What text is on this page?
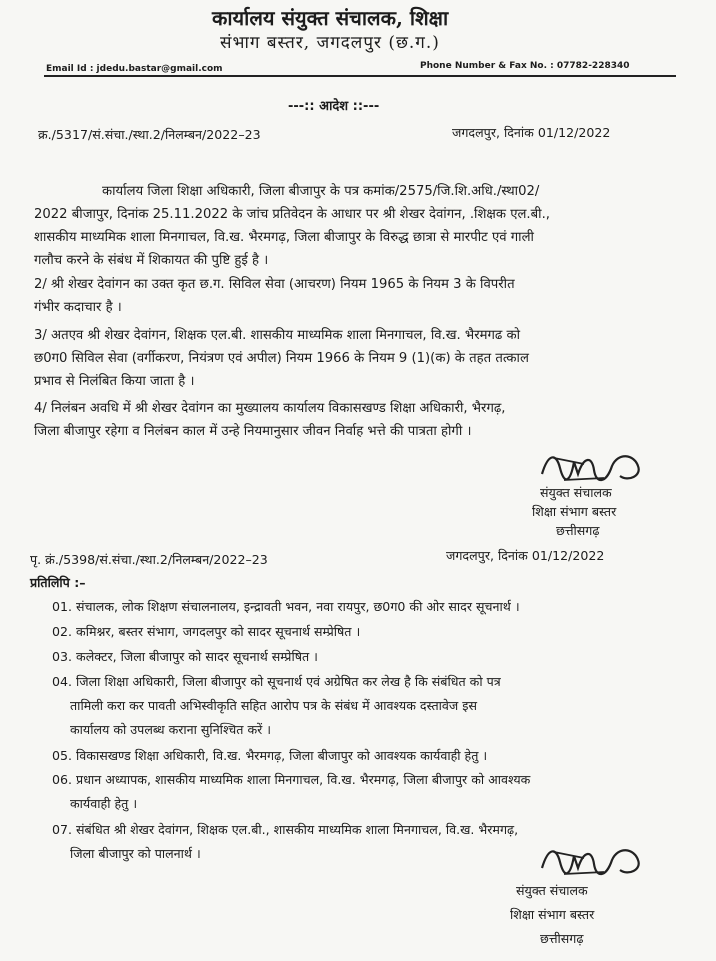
कार्यालय संयुक्त संचालक, शिक्षा
संभाग बस्तर, जगदलपुर (छ.ग.)
Email Id : jdedu.bastar@gmail.com	Phone Number & Fax No. : 07782-228340
---:: आदेश ::---
क्र./5317/सं.संचा./स्था.2/निलम्बन/2022–23	जगदलपुर, दिनांक 01/12/2022
कार्यालय जिला शिक्षा अधिकारी, जिला बीजापुर के पत्र कमांक/2575/जि.शि.अधि./स्था02/
2022 बीजापुर, दिनांक 25.11.2022 के जांच प्रतिवेदन के आधार पर श्री शेखर देवांगन, .शिक्षक एल.बी.,
शासकीय माध्यमिक शाला मिनगाचल, वि.ख. भैरमगढ़, जिला बीजापुर के विरुद्ध छात्रा से मारपीट एवं गाली
गलौच करने के संबंध में शिकायत की पुष्टि हुई है ।
2/ श्री शेखर देवांगन का उक्त कृत छ.ग. सिविल सेवा (आचरण) नियम 1965 के नियम 3 के विपरीत
गंभीर कदाचार है ।
3/ अतएव श्री शेखर देवांगन, शिक्षक एल.बी. शासकीय माध्यमिक शाला मिनगाचल, वि.ख. भैरमगढ को
छ0ग0 सिविल सेवा (वर्गीकरण, नियंत्रण एवं अपील) नियम 1966 के नियम 9 (1)(क) के तहत तत्काल
प्रभाव से निलंबित किया जाता है ।
4/ निलंबन अवधि में श्री शेखर देवांगन का मुख्यालय कार्यालय विकासखण्ड शिक्षा अधिकारी, भैरगढ़,
जिला बीजापुर रहेगा व निलंबन काल में उन्हे नियमानुसार जीवन निर्वाह भत्ते की पात्रता होगी ।
संयुक्त संचालक
शिक्षा संभाग बस्तर
छत्तीसगढ़
पृ. क्रं./5398/सं.संचा./स्था.2/निलम्बन/2022–23	जगदलपुर, दिनांक 01/12/2022
प्रतिलिपि :–
01. संचालक, लोक शिक्षण संचालनालय, इन्द्रावती भवन, नवा रायपुर, छ0ग0 की ओर सादर सूचनार्थ ।
02. कमिश्नर, बस्तर संभाग, जगदलपुर को सादर सूचनार्थ सम्प्रेषित ।
03. कलेक्टर, जिला बीजापुर को सादर सूचनार्थ सम्प्रेषित ।
04. जिला शिक्षा अधिकारी, जिला बीजापुर को सूचनार्थ एवं अग्रेषित कर लेख है कि संबंधित को पत्र
तामिली करा कर पावती अभिस्वीकृति सहित आरोप पत्र के संबंध में आवश्यक दस्तावेज इस
कार्यालय को उपलब्ध कराना सुनिश्चित करें ।
05. विकासखण्ड शिक्षा अधिकारी, वि.ख. भैरमगढ़, जिला बीजापुर को आवश्यक कार्यवाही हेतु ।
06. प्रधान अध्यापक, शासकीय माध्यमिक शाला मिनगाचल, वि.ख. भैरमगढ़, जिला बीजापुर को आवश्यक
कार्यवाही हेतु ।
07. संबंधित श्री शेखर देवांगन, शिक्षक एल.बी., शासकीय माध्यमिक शाला मिनगाचल, वि.ख. भैरमगढ़,
जिला बीजापुर को पालनार्थ ।
संयुक्त संचालक
शिक्षा संभाग बस्तर
छत्तीसगढ़
